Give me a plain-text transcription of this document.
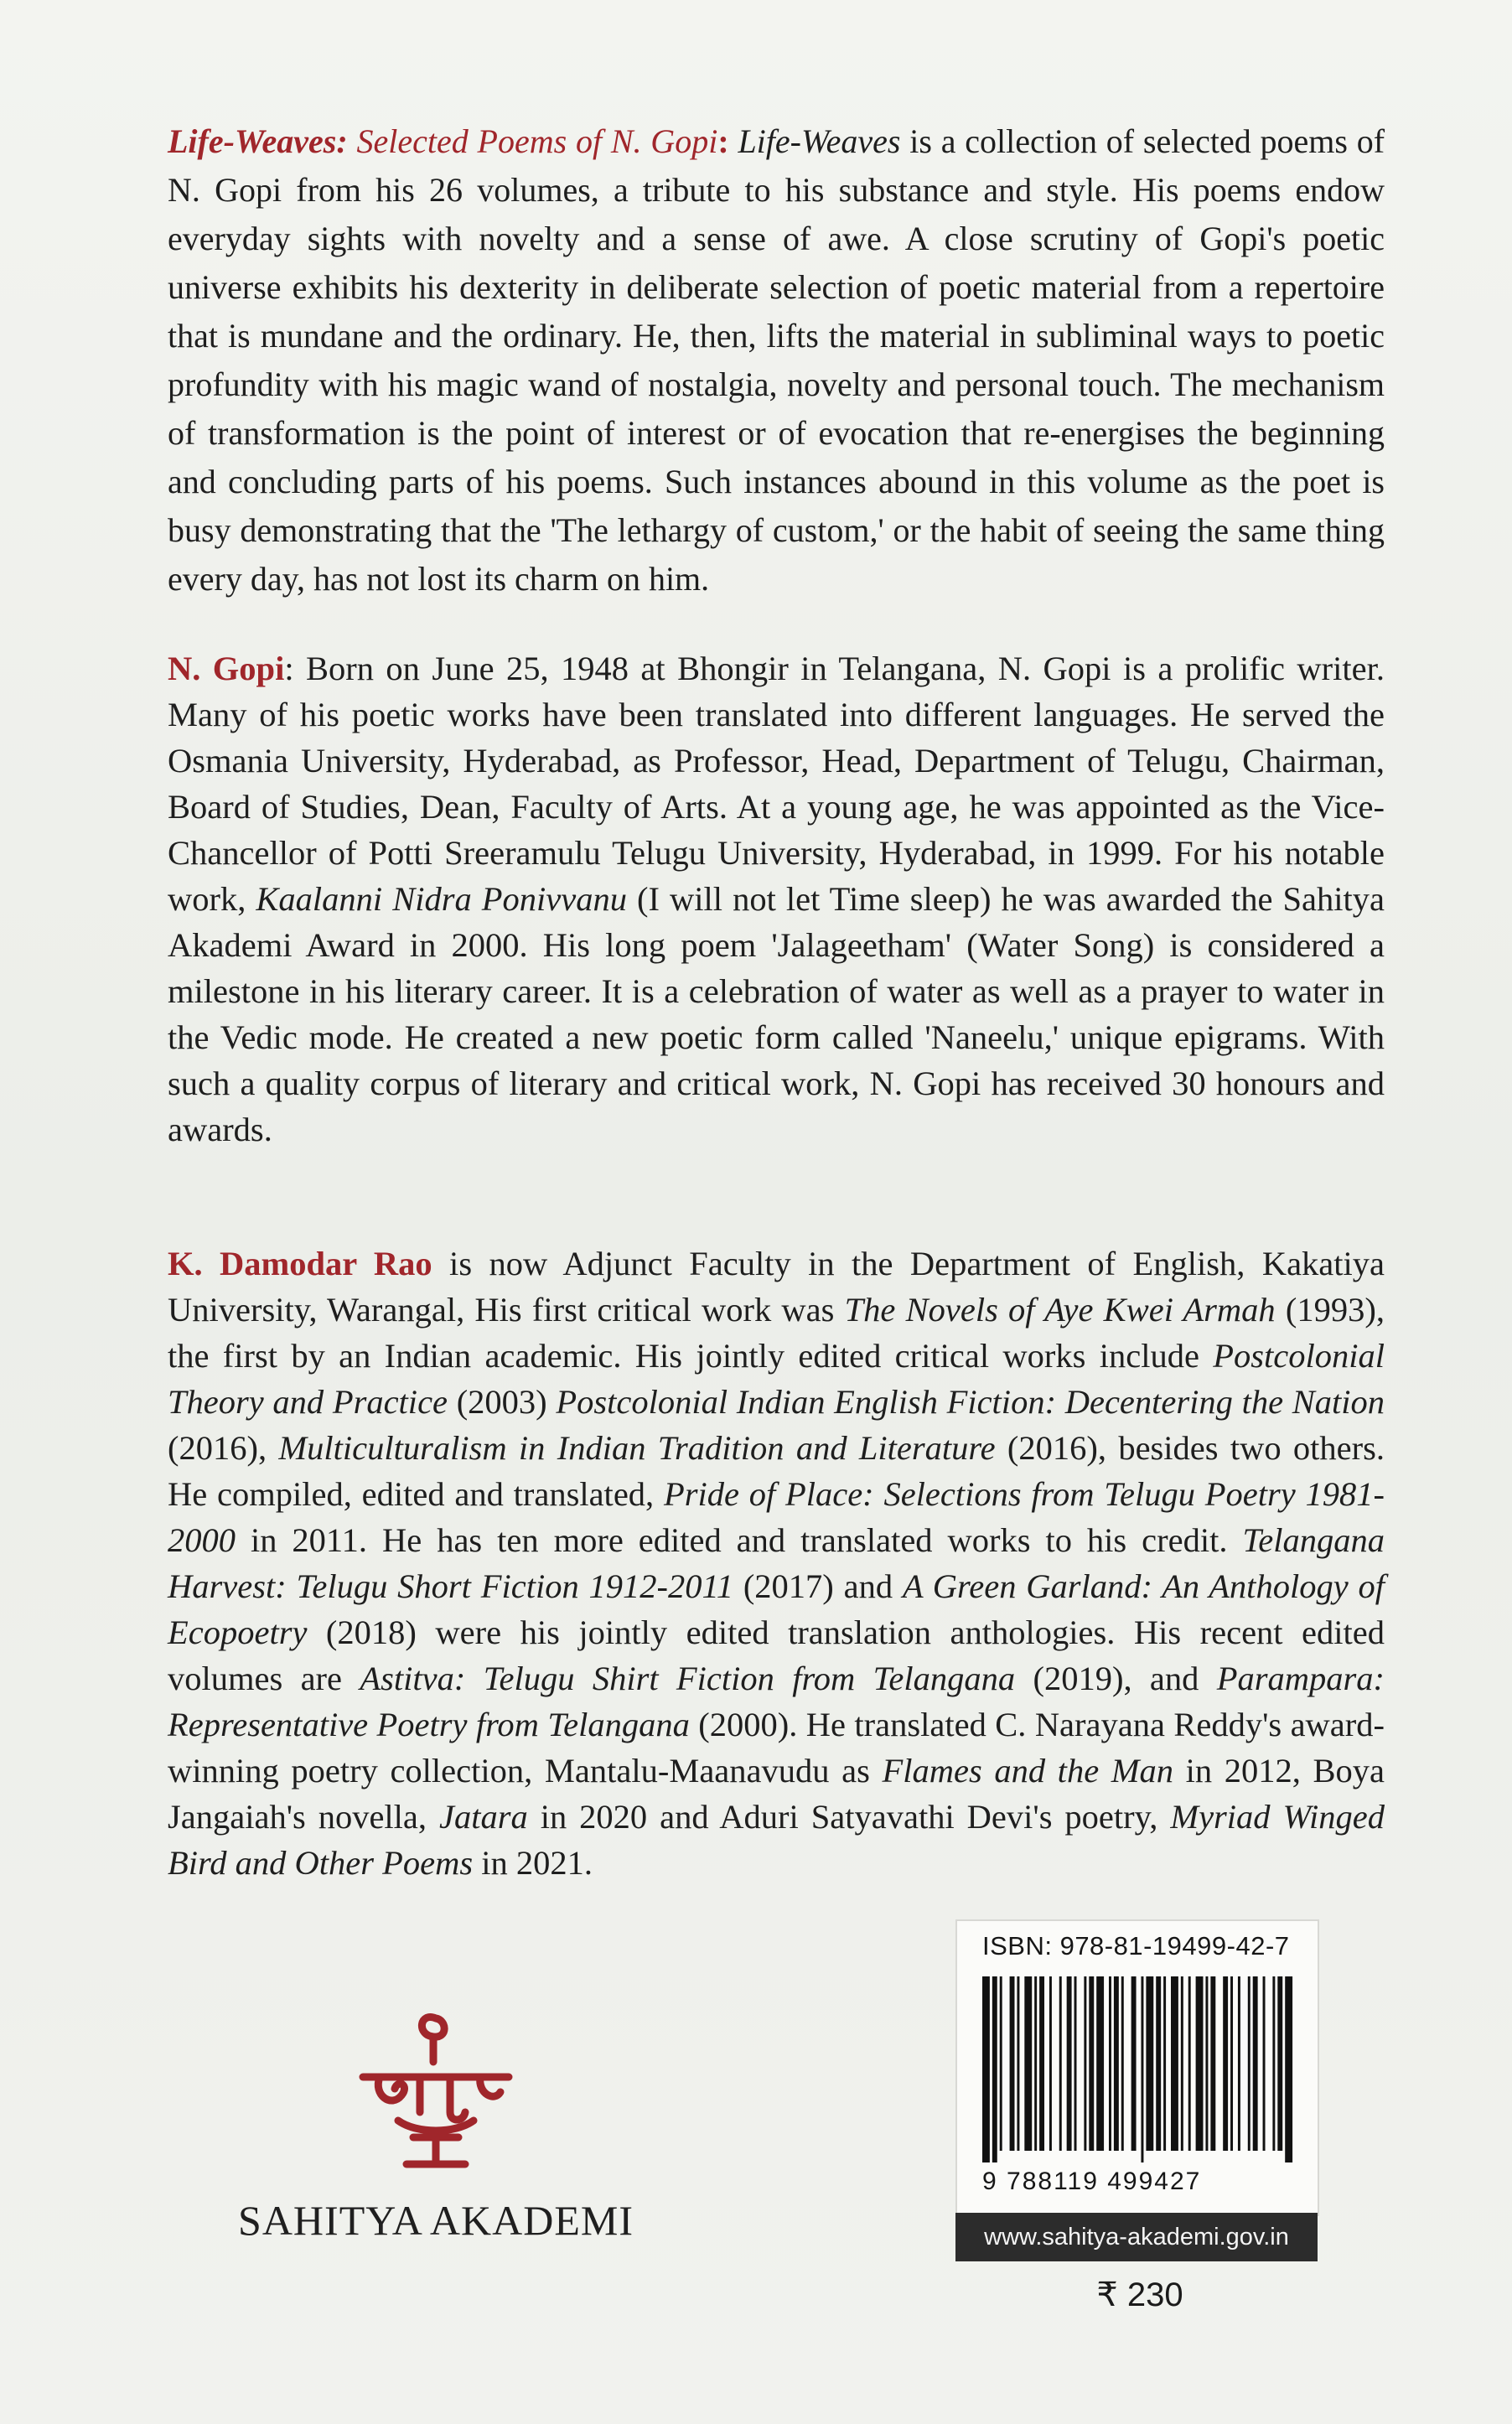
Life-Weaves: Selected Poems of N. Gopi: Life-Weaves is a collection of selected poems of N. Gopi from his 26 volumes, a tribute to his substance and style. His poems endow everyday sights with novelty and a sense of awe. A close scrutiny of Gopi's poetic universe exhibits his dexterity in deliberate selection of poetic material from a repertoire that is mundane and the ordinary. He, then, lifts the material in subliminal ways to poetic profundity with his magic wand of nostalgia, novelty and personal touch. The mechanism of transformation is the point of interest or of evocation that re-energises the beginning and concluding parts of his poems. Such instances abound in this volume as the poet is busy demonstrating that the 'The lethargy of custom,' or the habit of seeing the same thing every day, has not lost its charm on him.

N. Gopi: Born on June 25, 1948 at Bhongir in Telangana, N. Gopi is a prolific writer. Many of his poetic works have been translated into different languages. He served the Osmania University, Hyderabad, as Professor, Head, Department of Telugu, Chairman, Board of Studies, Dean, Faculty of Arts. At a young age, he was appointed as the Vice-Chancellor of Potti Sreeramulu Telugu University, Hyderabad, in 1999. For his notable work, Kaalanni Nidra Ponivvanu (I will not let Time sleep) he was awarded the Sahitya Akademi Award in 2000. His long poem 'Jalageetham' (Water Song) is considered a milestone in his literary career. It is a celebration of water as well as a prayer to water in the Vedic mode. He created a new poetic form called 'Naneelu,' unique epigrams. With such a quality corpus of literary and critical work, N. Gopi has received 30 honours and awards.

K. Damodar Rao is now Adjunct Faculty in the Department of English, Kakatiya University, Warangal, His first critical work was The Novels of Aye Kwei Armah (1993), the first by an Indian academic. His jointly edited critical works include Postcolonial Theory and Practice (2003) Postcolonial Indian English Fiction: Decentering the Nation (2016), Multiculturalism in Indian Tradition and Literature (2016), besides two others. He compiled, edited and translated, Pride of Place: Selections from Telugu Poetry 1981-2000 in 2011. He has ten more edited and translated works to his credit. Telangana Harvest: Telugu Short Fiction 1912-2011 (2017) and A Green Garland: An Anthology of Ecopoetry (2018) were his jointly edited translation anthologies. His recent edited volumes are Astitva: Telugu Shirt Fiction from Telangana (2019), and Parampara: Representative Poetry from Telangana (2000). He translated C. Narayana Reddy's award-winning poetry collection, Mantalu-Maanavudu as Flames and the Man in 2012, Boya Jangaiah's novella, Jatara in 2020 and Aduri Satyavathi Devi's poetry, Myriad Winged Bird and Other Poems in 2021.

SAHITYA AKADEMI
ISBN: 978-81-19499-42-7
9 788119 499427
www.sahitya-akademi.gov.in
₹ 230
